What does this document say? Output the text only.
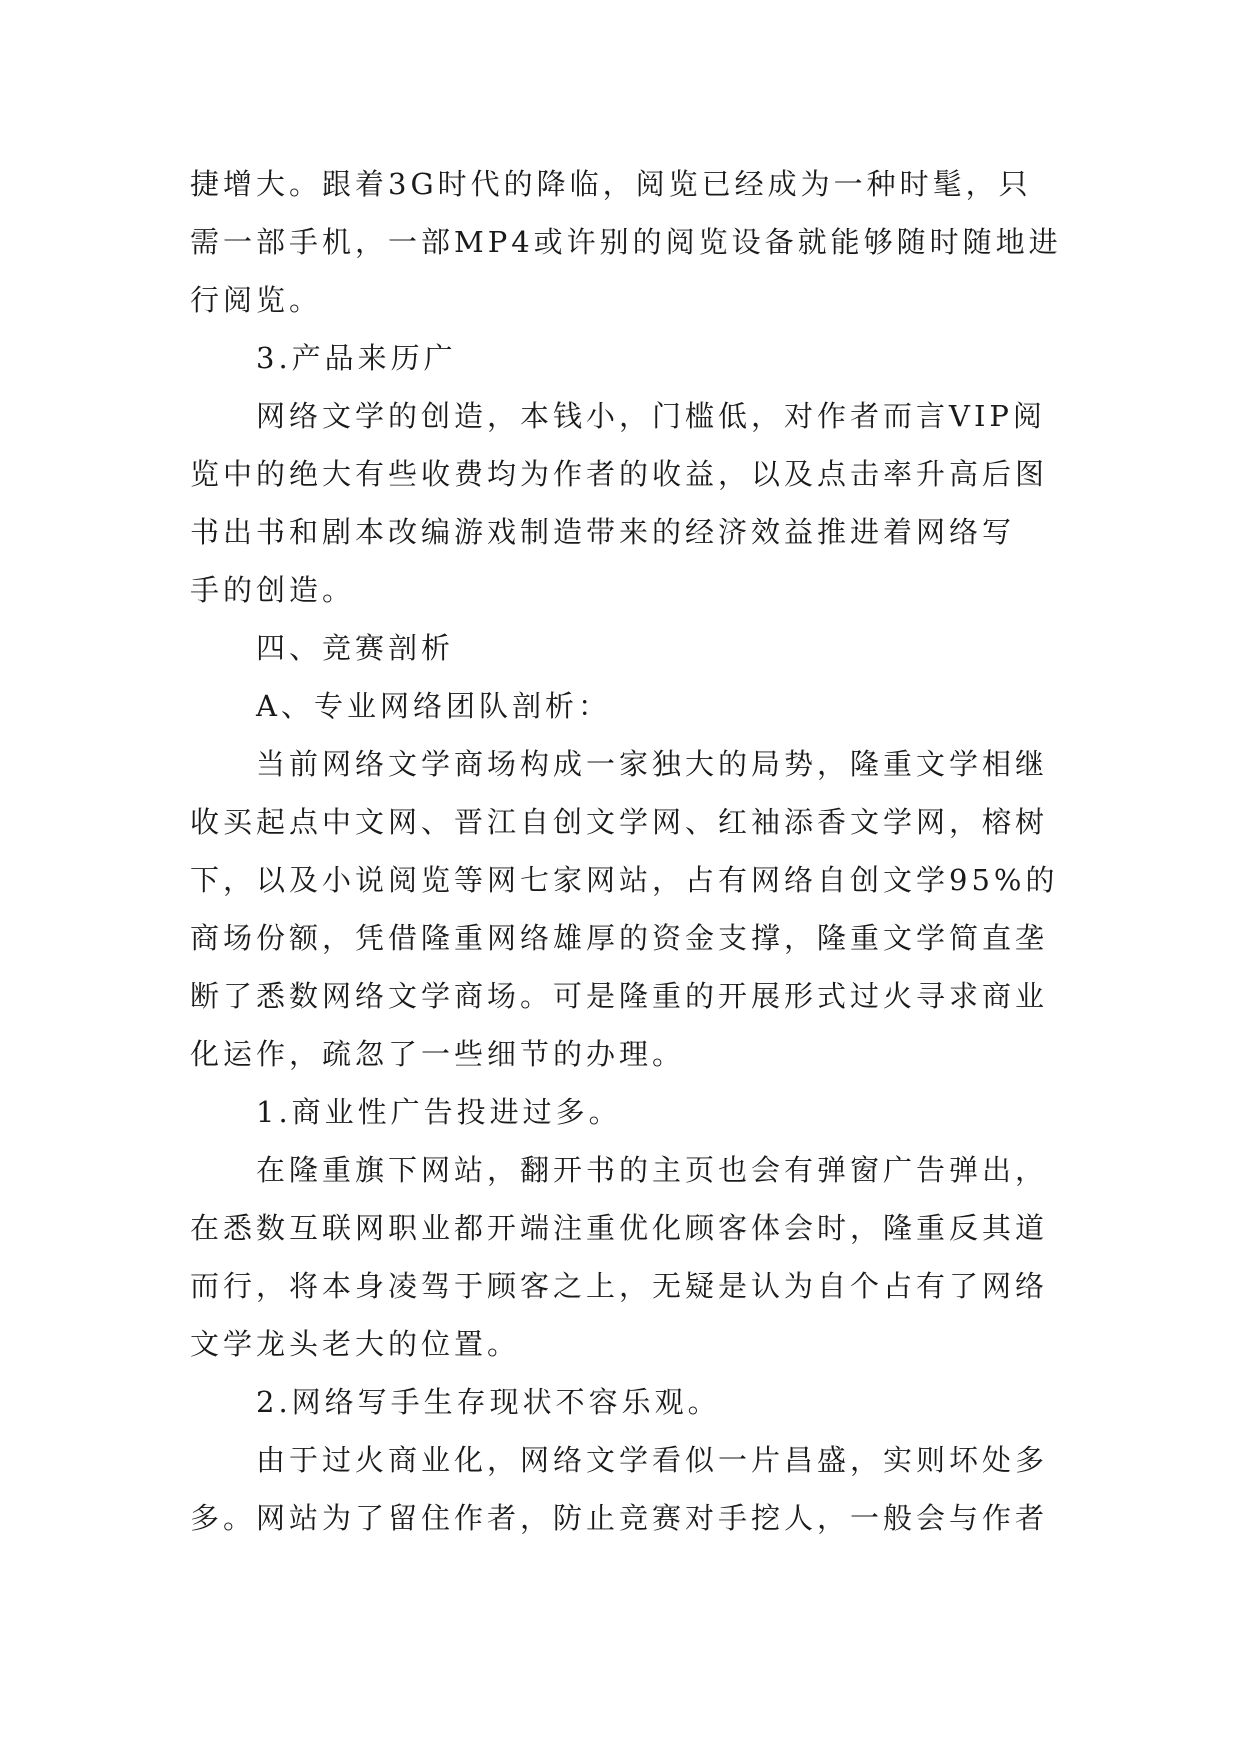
捷增大。跟着3G时代的降临，阅览已经成为一种时髦，只
需一部手机，一部MP4或许别的阅览设备就能够随时随地进
行阅览。
3.产品来历广
网络文学的创造，本钱小，门槛低，对作者而言VIP阅
览中的绝大有些收费均为作者的收益，以及点击率升高后图
书出书和剧本改编游戏制造带来的经济效益推进着网络写
手的创造。
四、竞赛剖析
A、专业网络团队剖析：
当前网络文学商场构成一家独大的局势，隆重文学相继
收买起点中文网、晋江自创文学网、红袖添香文学网，榕树
下，以及小说阅览等网七家网站，占有网络自创文学95%的
商场份额，凭借隆重网络雄厚的资金支撑，隆重文学简直垄
断了悉数网络文学商场。可是隆重的开展形式过火寻求商业
化运作，疏忽了一些细节的办理。
1.商业性广告投进过多。
在隆重旗下网站，翻开书的主页也会有弹窗广告弹出，
在悉数互联网职业都开端注重优化顾客体会时，隆重反其道
而行，将本身凌驾于顾客之上，无疑是认为自个占有了网络
文学龙头老大的位置。
2.网络写手生存现状不容乐观。
由于过火商业化，网络文学看似一片昌盛，实则坏处多
多。网站为了留住作者，防止竞赛对手挖人，一般会与作者
